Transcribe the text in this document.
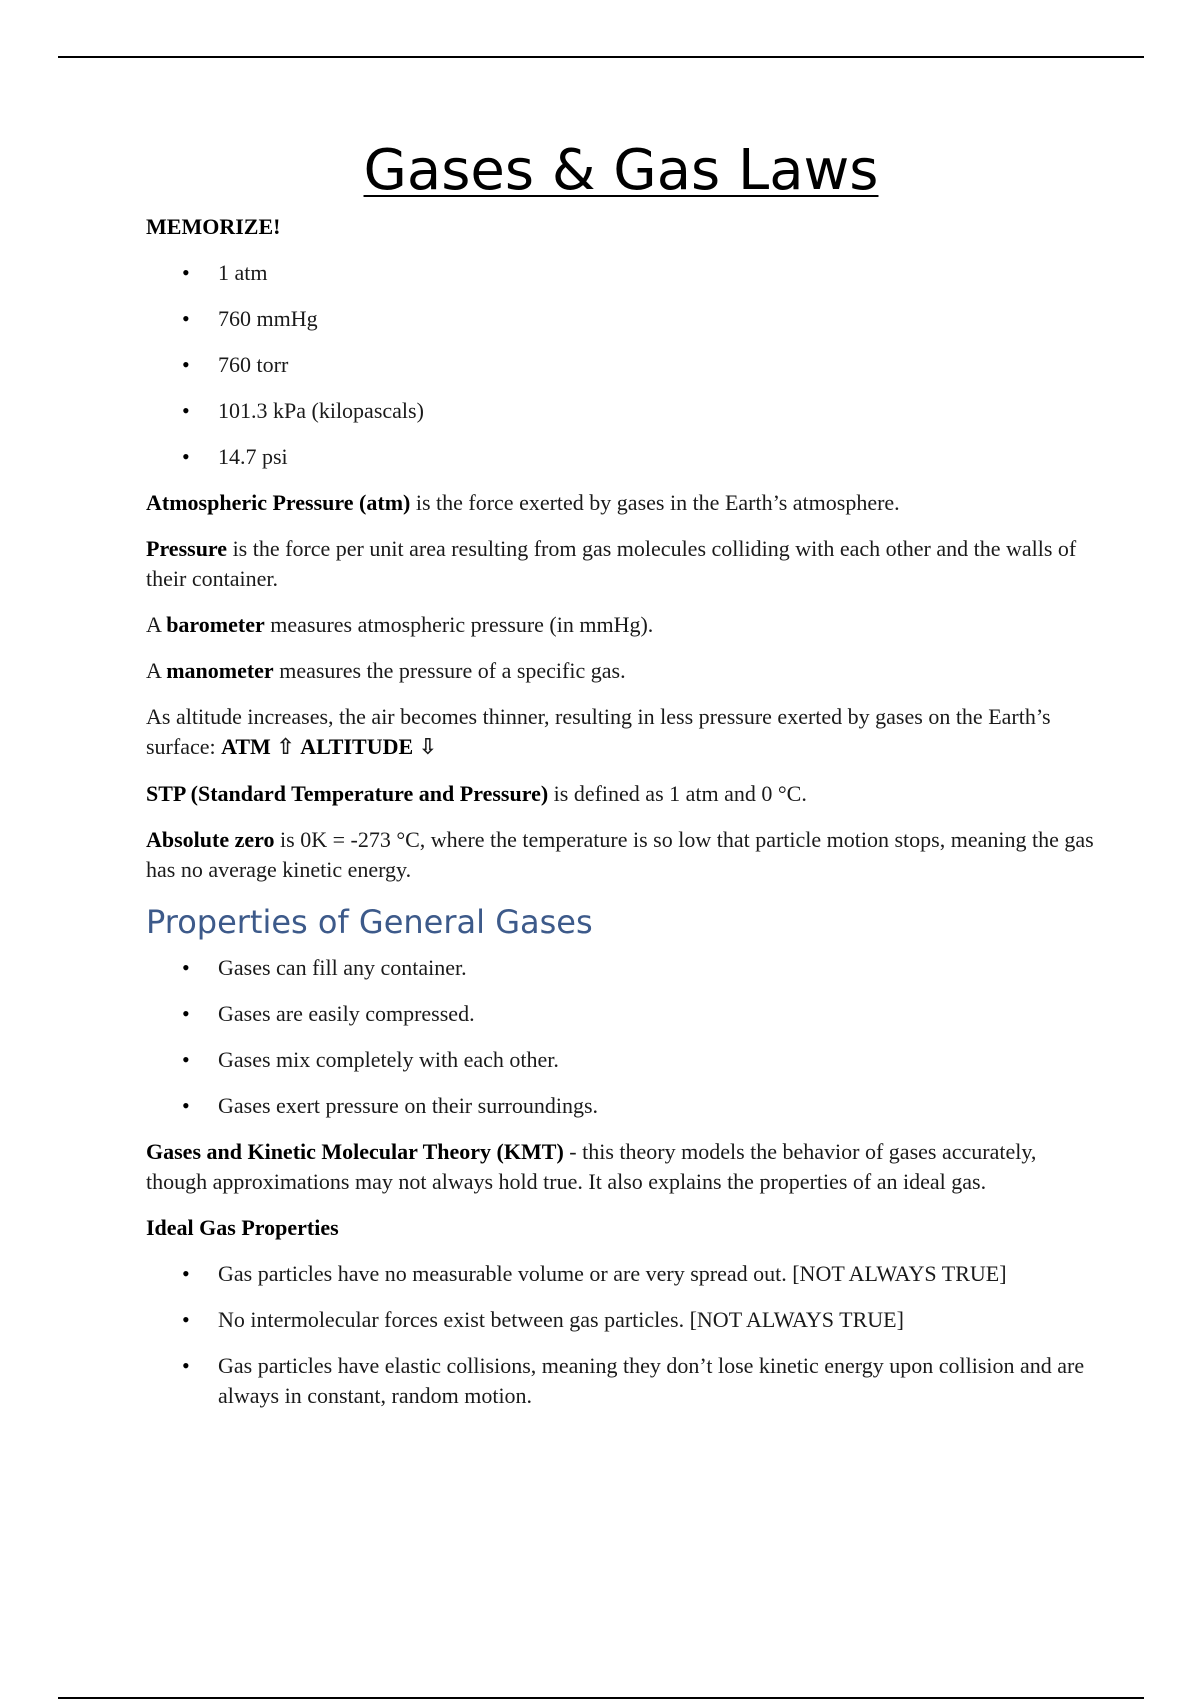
Gases & Gas Laws

MEMORIZE!

• 1 atm
• 760 mmHg
• 760 torr
• 101.3 kPa (kilopascals)
• 14.7 psi

Atmospheric Pressure (atm) is the force exerted by gases in the Earth’s atmosphere.

Pressure is the force per unit area resulting from gas molecules colliding with each other and the walls of their container.

A barometer measures atmospheric pressure (in mmHg).

A manometer measures the pressure of a specific gas.

As altitude increases, the air becomes thinner, resulting in less pressure exerted by gases on the Earth’s surface: ATM ⇧ ALTITUDE ⇩

STP (Standard Temperature and Pressure) is defined as 1 atm and 0 °C.

Absolute zero is 0K = -273 °C, where the temperature is so low that particle motion stops, meaning the gas has no average kinetic energy.

Properties of General Gases
• Gases can fill any container.
• Gases are easily compressed.
• Gases mix completely with each other.
• Gases exert pressure on their surroundings.

Gases and Kinetic Molecular Theory (KMT) - this theory models the behavior of gases accurately, though approximations may not always hold true. It also explains the properties of an ideal gas.

Ideal Gas Properties

• Gas particles have no measurable volume or are very spread out. [NOT ALWAYS TRUE]
• No intermolecular forces exist between gas particles. [NOT ALWAYS TRUE]
• Gas particles have elastic collisions, meaning they don’t lose kinetic energy upon collision and are always in constant, random motion.
